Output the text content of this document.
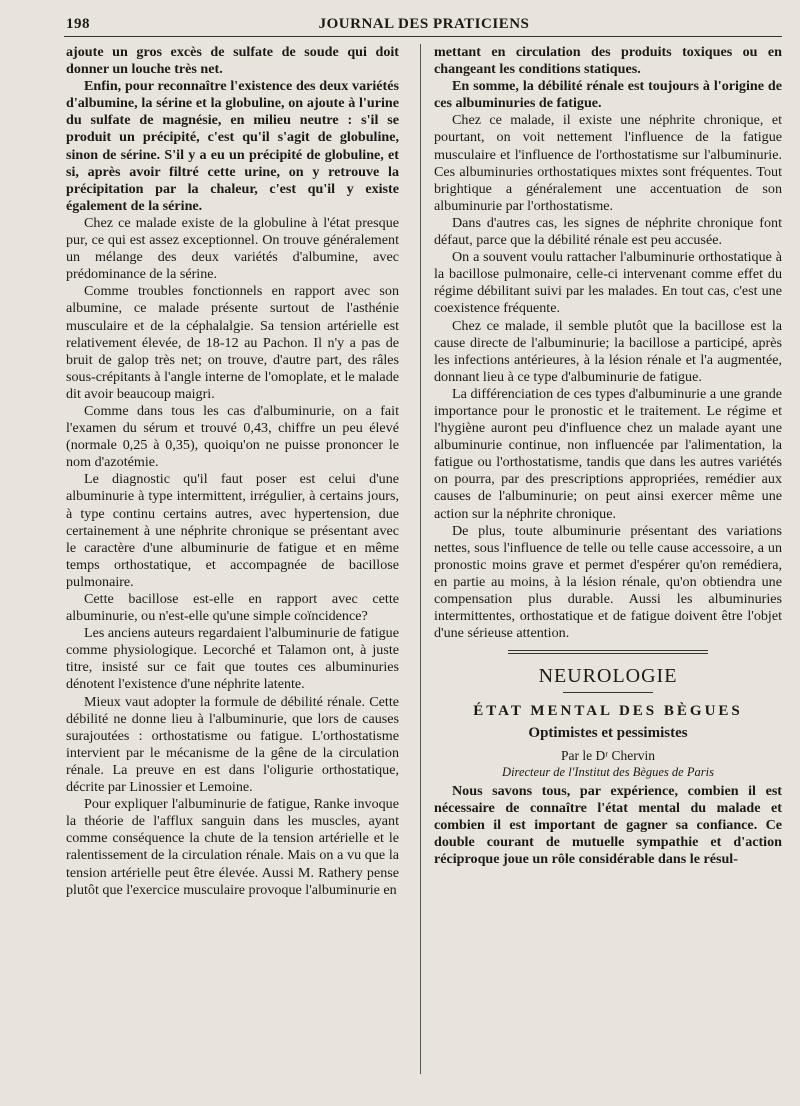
198	JOURNAL DES PRATICIENS

ajoute un gros excès de sulfate de soude qui doit donner un louche très net.

Enfin, pour reconnaître l'existence des deux variétés d'albumine, la sérine et la globuline, on ajoute à l'urine du sulfate de magnésie, en milieu neutre : s'il se produit un précipité, c'est qu'il s'agit de globuline, sinon de sérine. S'il y a eu un précipité de globuline, et si, après avoir filtré cette urine, on y retrouve la précipitation par la chaleur, c'est qu'il y existe également de la sérine.

Chez ce malade existe de la globuline à l'état presque pur, ce qui est assez exceptionnel. On trouve généralement un mélange des deux variétés d'albumine, avec prédominance de la sérine.

Comme troubles fonctionnels en rapport avec son albumine, ce malade présente surtout de l'asthénie musculaire et de la céphalalgie. Sa tension artérielle est relativement élevée, de 18-12 au Pachon. Il n'y a pas de bruit de galop très net; on trouve, d'autre part, des râles sous-crépitants à l'angle interne de l'omoplate, et le malade dit avoir beaucoup maigri.

Comme dans tous les cas d'albuminurie, on a fait l'examen du sérum et trouvé 0,43, chiffre un peu élevé (normale 0,25 à 0,35), quoiqu'on ne puisse prononcer le nom d'azotémie.

Le diagnostic qu'il faut poser est celui d'une albuminurie à type intermittent, irrégulier, à certains jours, à type continu certains autres, avec hypertension, due certainement à une néphrite chronique se présentant avec le caractère d'une albuminurie de fatigue et en même temps orthostatique, et accompagnée de bacillose pulmonaire.

Cette bacillose est-elle en rapport avec cette albuminurie, ou n'est-elle qu'une simple coïncidence?

Les anciens auteurs regardaient l'albuminurie de fatigue comme physiologique. Lecorché et Talamon ont, à juste titre, insisté sur ce fait que toutes ces albuminuries dénotent l'existence d'une néphrite latente.

Mieux vaut adopter la formule de débilité rénale. Cette débilité ne donne lieu à l'albuminurie, que lors de causes surajoutées : orthostatisme ou fatigue. L'orthostatisme intervient par le mécanisme de la gêne de la circulation rénale. La preuve en est dans l'oligurie orthostatique, décrite par Linossier et Lemoine.

Pour expliquer l'albuminurie de fatigue, Ranke invoque la théorie de l'afflux sanguin dans les muscles, ayant comme conséquence la chute de la tension artérielle et le ralentissement de la circulation rénale. Mais on a vu que la tension artérielle peut être élevée. Aussi M. Rathery pense plutôt que l'exercice musculaire provoque l'albuminurie en

mettant en circulation des produits toxiques ou en changeant les conditions statiques.

En somme, la débilité rénale est toujours à l'origine de ces albuminuries de fatigue.

Chez ce malade, il existe une néphrite chronique, et pourtant, on voit nettement l'influence de la fatigue musculaire et l'influence de l'orthostatisme sur l'albuminurie. Ces albuminuries orthostatiques mixtes sont fréquentes. Tout brightique a généralement une accentuation de son albuminurie par l'orthostatisme.

Dans d'autres cas, les signes de néphrite chronique font défaut, parce que la débilité rénale est peu accusée.

On a souvent voulu rattacher l'albuminurie orthostatique à la bacillose pulmonaire, celle-ci intervenant comme effet du régime débilitant suivi par les malades. En tout cas, c'est une coexistence fréquente.

Chez ce malade, il semble plutôt que la bacillose est la cause directe de l'albuminurie; la bacillose a participé, après les infections antérieures, à la lésion rénale et l'a augmentée, donnant lieu à ce type d'albuminurie de fatigue.

La différenciation de ces types d'albuminurie a une grande importance pour le pronostic et le traitement. Le régime et l'hygiène auront peu d'influence chez un malade ayant une albuminurie continue, non influencée par l'alimentation, la fatigue ou l'orthostatisme, tandis que dans les autres variétés on pourra, par des prescriptions appropriées, remédier aux causes de l'albuminurie; on peut ainsi exercer même une action sur la néphrite chronique.

De plus, toute albuminurie présentant des variations nettes, sous l'influence de telle ou telle cause accessoire, a un pronostic moins grave et permet d'espérer qu'on remédiera, en partie au moins, à la lésion rénale, qu'on obtiendra une compensation plus durable. Aussi les albuminuries intermittentes, orthostatique et de fatigue doivent être l'objet d'une sérieuse attention.

NEUROLOGIE
ÉTAT MENTAL DES BÈGUES
Optimistes et pessimistes
Par le Dʳ Chervin
Directeur de l'Institut des Bègues de Paris

Nous savons tous, par expérience, combien il est nécessaire de connaître l'état mental du malade et combien il est important de gagner sa confiance. Ce double courant de mutuelle sympathie et d'action réciproque joue un rôle considérable dans le résul-
